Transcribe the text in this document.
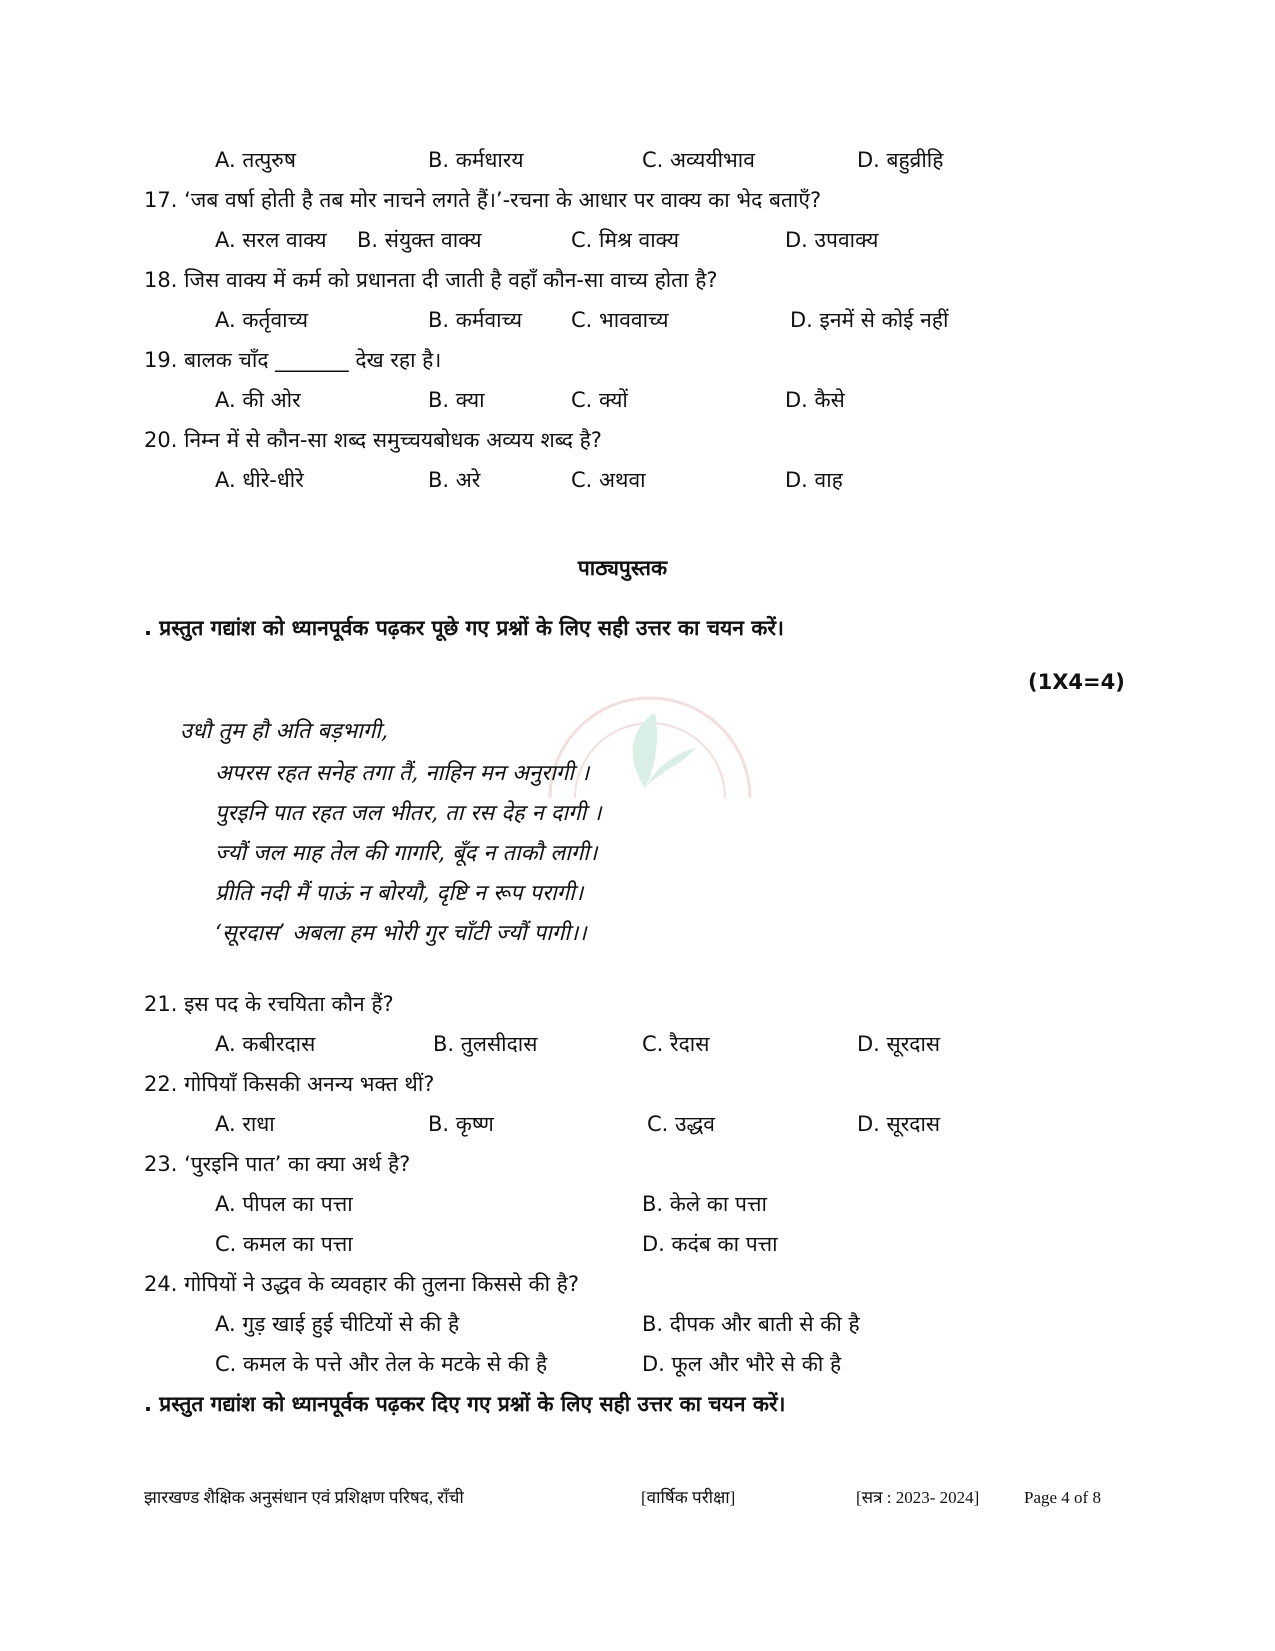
A. तत्पुरुष	B. कर्मधारय	C. अव्ययीभाव	D. बहुव्रीहि
17. ‘जब वर्षा होती है तब मोर नाचने लगते हैं।’-रचना के आधार पर वाक्य का भेद बताएँ?
A. सरल वाक्य B. संयुक्त वाक्य	C. मिश्र वाक्य	D. उपवाक्य
18. जिस वाक्य में कर्म को प्रधानता दी जाती है वहाँ कौन-सा वाच्य होता है?
A. कर्तृवाच्य	B. कर्मवाच्य C. भाववाच्य	D. इनमें से कोई नहीं
19. बालक चाँद _______ देख रहा है।
A. की ओर	B. क्या	C. क्यों	D. कैसे
20. निम्न में से कौन-सा शब्द समुच्चयबोधक अव्यय शब्द है?
A. धीरे-धीरे	B. अरे	C. अथवा	D. वाह
पाठ्यपुस्तक
. प्रस्तुत गद्यांश को ध्यानपूर्वक पढ़कर पूछे गए प्रश्नों के लिए सही उत्तर का चयन करें।
(1X4=4)
उधौ तुम हौ अति बड़भागी,
अपरस रहत सनेह तगा तैं, नाहिन मन अनुरागी ।
पुरइनि पात रहत जल भीतर, ता रस देह न दागी ।
ज्यौं जल माह तेल की गागरि, बूँद न ताकौ लागी।
प्रीति नदी मैं पाऊं न बोरयौ, दृष्टि न रूप परागी।
‘सूरदास’ अबला हम भोरी गुर चाँटी ज्यौं पागी।।
21. इस पद के रचयिता कौन हैं?
A. कबीरदास	B. तुलसीदास	C. रैदास	D. सूरदास
22. गोपियाँ किसकी अनन्य भक्त थीं?
A. राधा	B. कृष्ण	C. उद्धव	D. सूरदास
23. ‘पुरइनि पात’ का क्या अर्थ है?
A. पीपल का पत्ता	B. केले का पत्ता
C. कमल का पत्ता	D. कदंब का पत्ता
24. गोपियों ने उद्धव के व्यवहार की तुलना किससे की है?
A. गुड़ खाई हुई चीटियों से की है	B. दीपक और बाती से की है
C. कमल के पत्ते और तेल के मटके से की है	D. फूल और भौरे से की है
. प्रस्तुत गद्यांश को ध्यानपूर्वक पढ़कर दिए गए प्रश्नों के लिए सही उत्तर का चयन करें।
झारखण्ड शैक्षिक अनुसंधान एवं प्रशिक्षण परिषद, राँची	[वार्षिक परीक्षा]	[सत्र : 2023- 2024]	Page 4 of 8
